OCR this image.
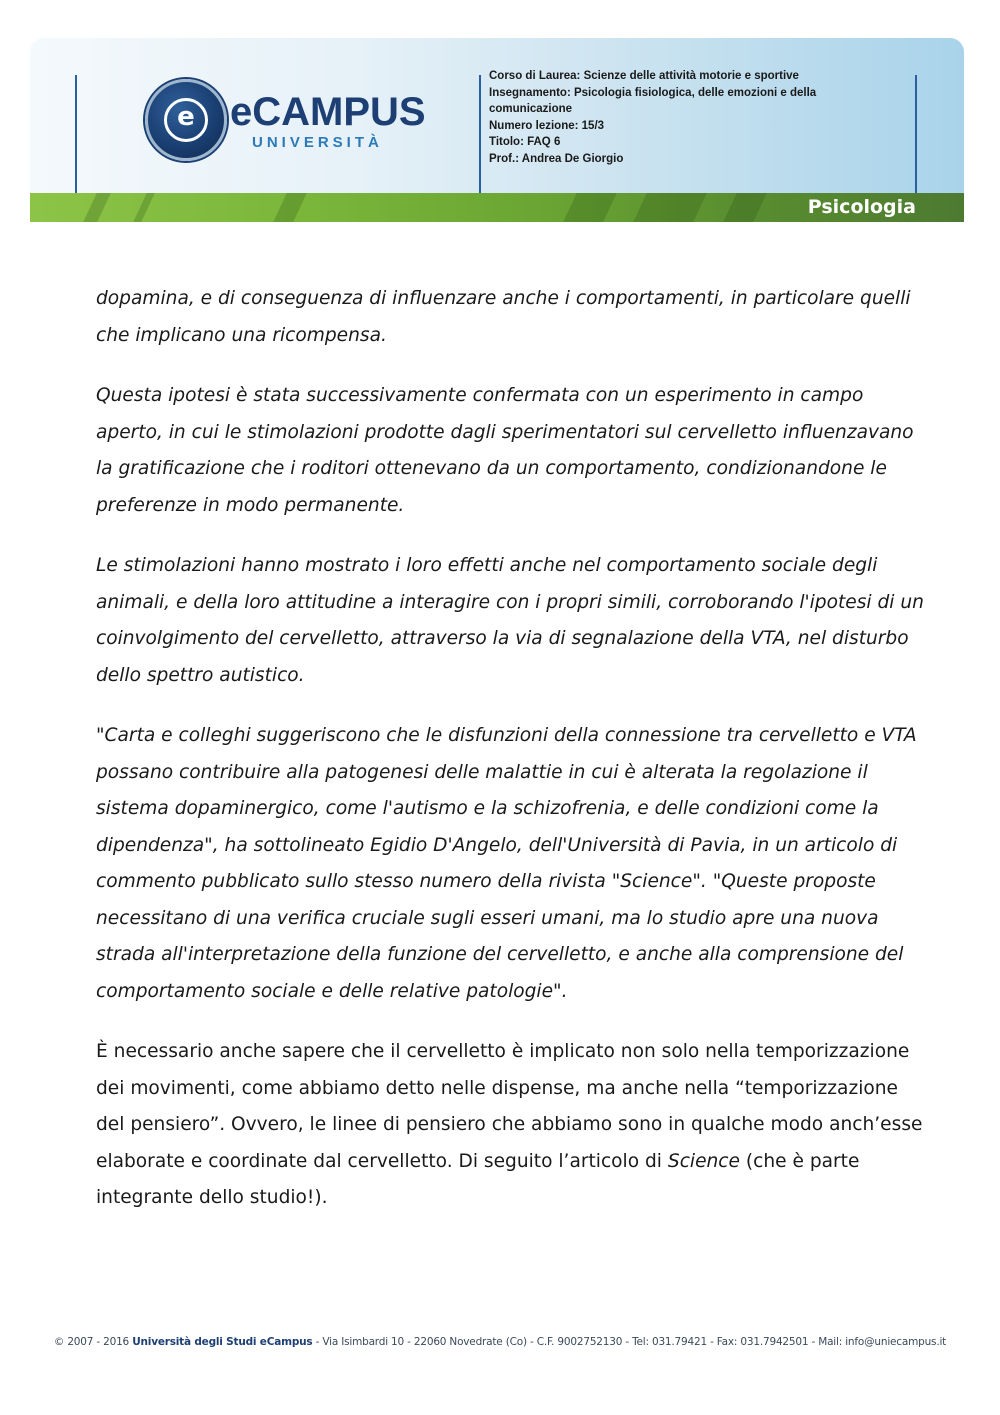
e eCAMPUS
UNIVERSITÀ
Corso di Laurea: Scienze delle attività motorie e sportive
Insegnamento: Psicologia fisiologica, delle emozioni e della
comunicazione
Numero lezione: 15/3
Titolo: FAQ 6
Prof.: Andrea De Giorgio
Psicologia

dopamina, e di conseguenza di influenzare anche i comportamenti, in particolare quelli che implicano una ricompensa.

Questa ipotesi è stata successivamente confermata con un esperimento in campo aperto, in cui le stimolazioni prodotte dagli sperimentatori sul cervelletto influenzavano la gratificazione che i roditori ottenevano da un comportamento, condizionandone le preferenze in modo permanente.

Le stimolazioni hanno mostrato i loro effetti anche nel comportamento sociale degli animali, e della loro attitudine a interagire con i propri simili, corroborando l'ipotesi di un coinvolgimento del cervelletto, attraverso la via di segnalazione della VTA, nel disturbo dello spettro autistico.

"Carta e colleghi suggeriscono che le disfunzioni della connessione tra cervelletto e VTA possano contribuire alla patogenesi delle malattie in cui è alterata la regolazione il sistema dopaminergico, come l'autismo e la schizofrenia, e delle condizioni come la dipendenza", ha sottolineato Egidio D'Angelo, dell'Università di Pavia, in un articolo di commento pubblicato sullo stesso numero della rivista "Science". "Queste proposte necessitano di una verifica cruciale sugli esseri umani, ma lo studio apre una nuova strada all'interpretazione della funzione del cervelletto, e anche alla comprensione del comportamento sociale e delle relative patologie".

È necessario anche sapere che il cervelletto è implicato non solo nella temporizzazione dei movimenti, come abbiamo detto nelle dispense, ma anche nella “temporizzazione del pensiero”. Ovvero, le linee di pensiero che abbiamo sono in qualche modo anch’esse elaborate e coordinate dal cervelletto. Di seguito l’articolo di Science (che è parte integrante dello studio!).

© 2007 - 2016 Università degli Studi eCampus - Via Isimbardi 10 - 22060 Novedrate (Co) - C.F. 9002752130 - Tel: 031.79421 - Fax: 031.7942501 - Mail: info@uniecampus.it
